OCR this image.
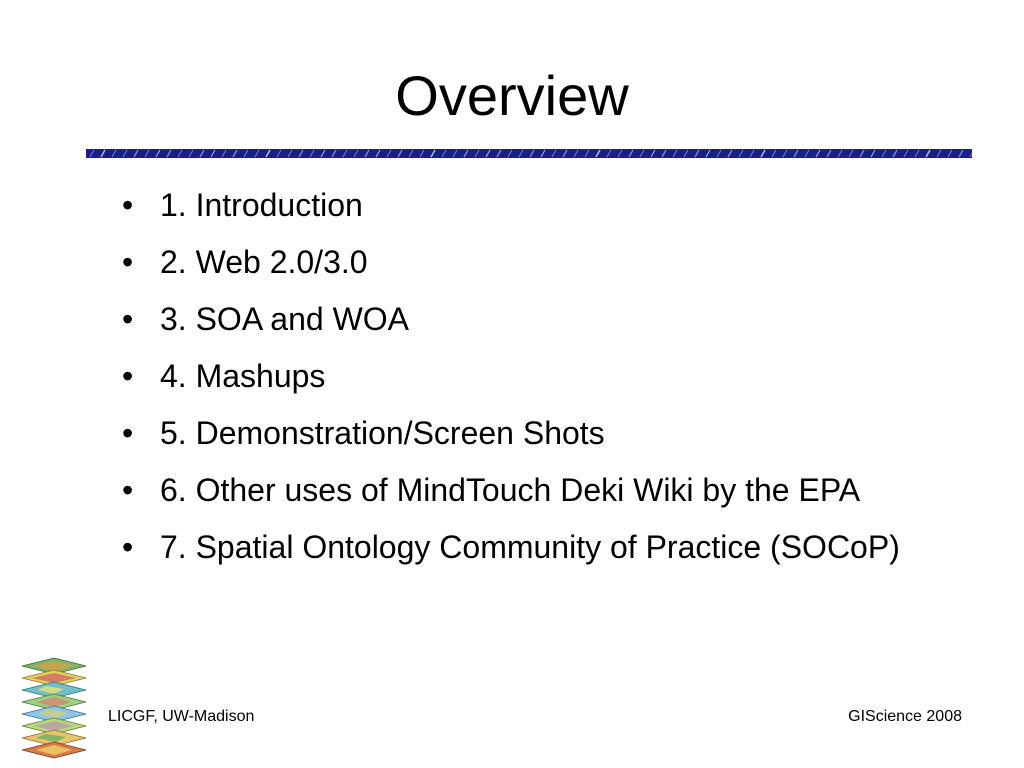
Overview
• 1. Introduction
• 2. Web 2.0/3.0
• 3. SOA and WOA
• 4. Mashups
• 5. Demonstration/Screen Shots
• 6. Other uses of MindTouch Deki Wiki by the EPA
• 7. Spatial Ontology Community of Practice (SOCoP)
LICGF, UW-Madison	GIScience 2008
